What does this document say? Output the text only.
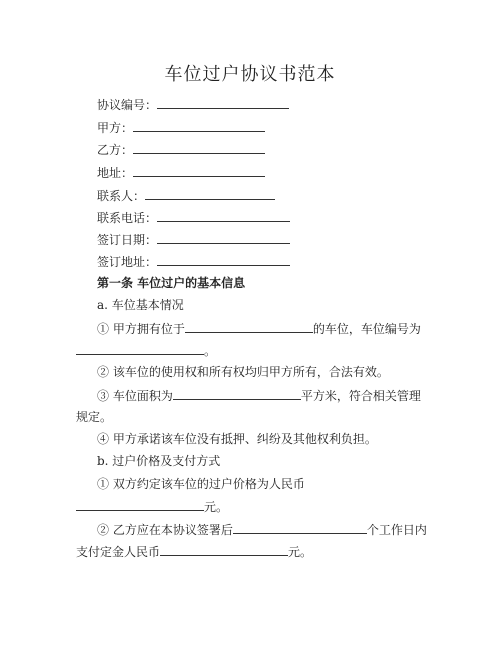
车位过户协议书范本
协议编号：
甲方：
乙方：
地址：
联系人：
联系电话：
签订日期：
签订地址：
第一条 车位过户的基本信息
a. 车位基本情况
① 甲方拥有位于	的车位，车位编号为
。
② 该车位的使用权和所有权均归甲方所有，合法有效。
③ 车位面积为	平方米，符合相关管理
规定。
④ 甲方承诺该车位没有抵押、纠纷及其他权利负担。
b. 过户价格及支付方式
① 双方约定该车位的过户价格为人民币
元。
② 乙方应在本协议签署后	个工作日内
支付定金人民币	元。
